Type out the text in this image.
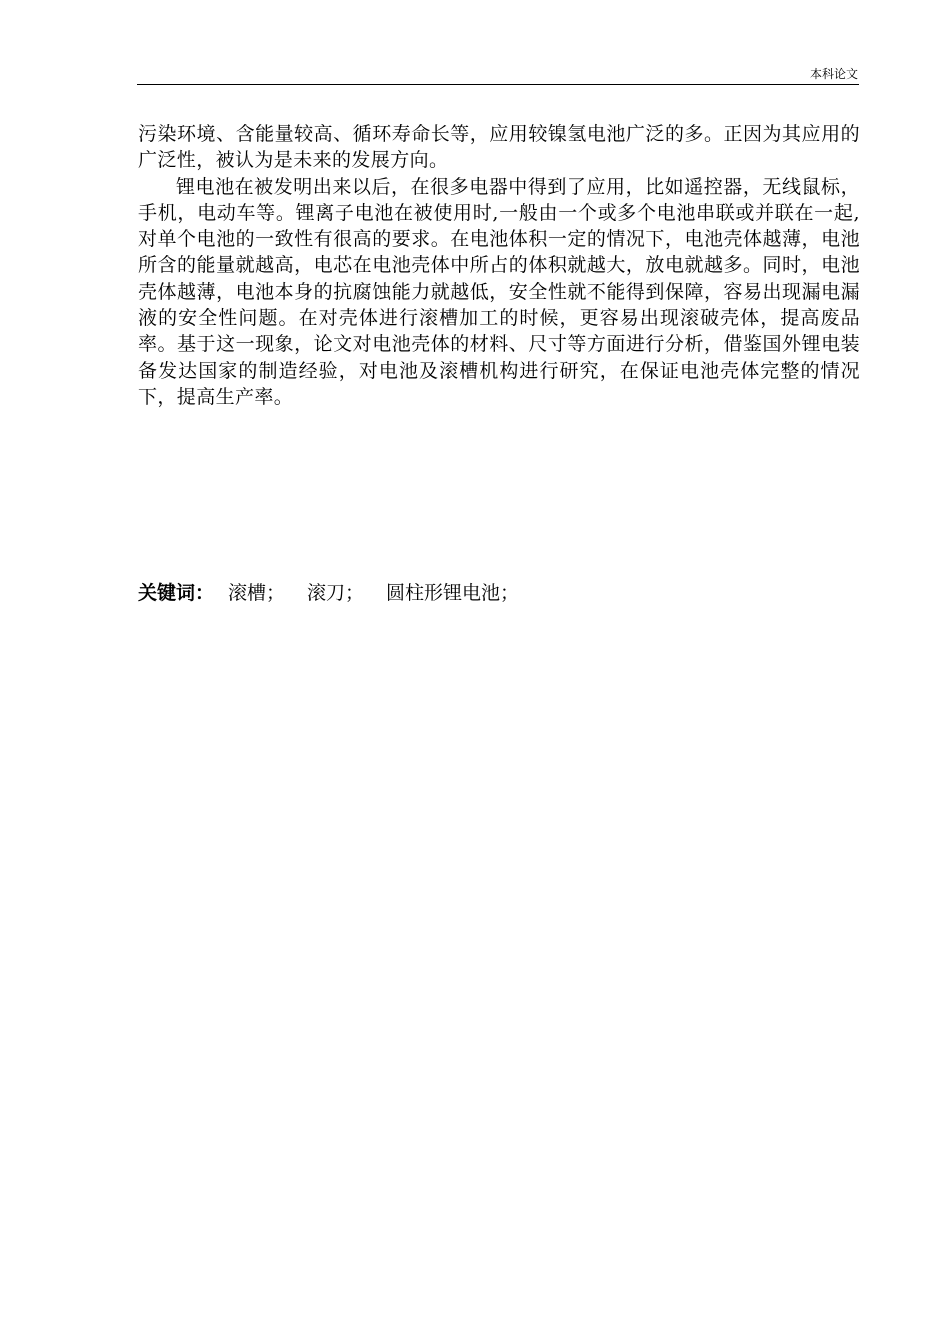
本科论文

污染环境、含能量较高、循环寿命长等，应用较镍氢电池广泛的多。正因为其应用的广泛性，被认为是未来的发展方向。

锂电池在被发明出来以后，在很多电器中得到了应用，比如遥控器，无线鼠标，手机，电动车等。锂离子电池在被使用时,一般由一个或多个电池串联或并联在一起,对单个电池的一致性有很高的要求。在电池体积一定的情况下，电池壳体越薄，电池所含的能量就越高，电芯在电池壳体中所占的体积就越大，放电就越多。同时，电池壳体越薄，电池本身的抗腐蚀能力就越低，安全性就不能得到保障，容易出现漏电漏液的安全性问题。在对壳体进行滚槽加工的时候，更容易出现滚破壳体，提高废品率。基于这一现象，论文对电池壳体的材料、尺寸等方面进行分析，借鉴国外锂电装备发达国家的制造经验，对电池及滚槽机构进行研究，在保证电池壳体完整的情况下，提高生产率。

关键词： 滚槽； 滚刀； 圆柱形锂电池；
